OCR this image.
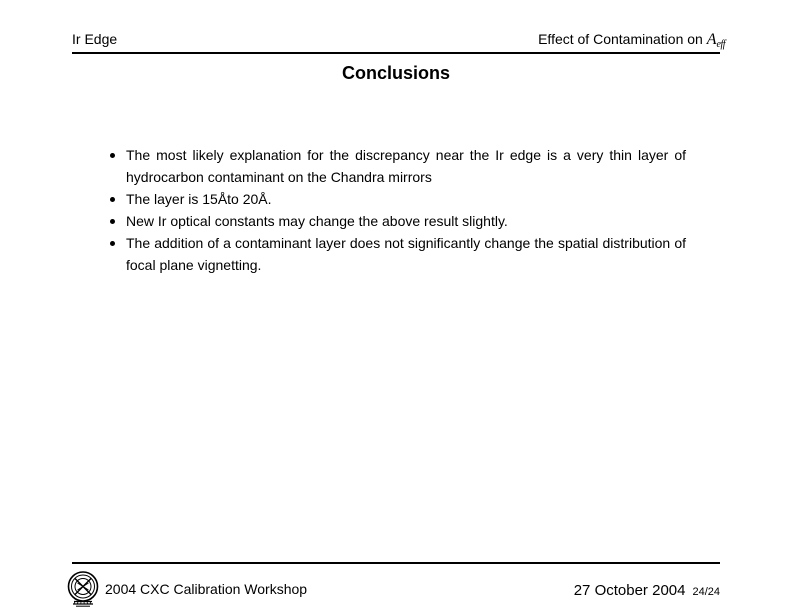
Ir Edge	Effect of Contamination on $A_{eff}$
Conclusions
The most likely explanation for the discrepancy near the Ir edge is a very thin layer of hydrocarbon contaminant on the Chandra mirrors
The layer is 15Åto 20Å.
New Ir optical constants may change the above result slightly.
The addition of a contaminant layer does not significantly change the spatial distribution of focal plane vignetting.
2004 CXC Calibration Workshop	27 October 2004 24/24
